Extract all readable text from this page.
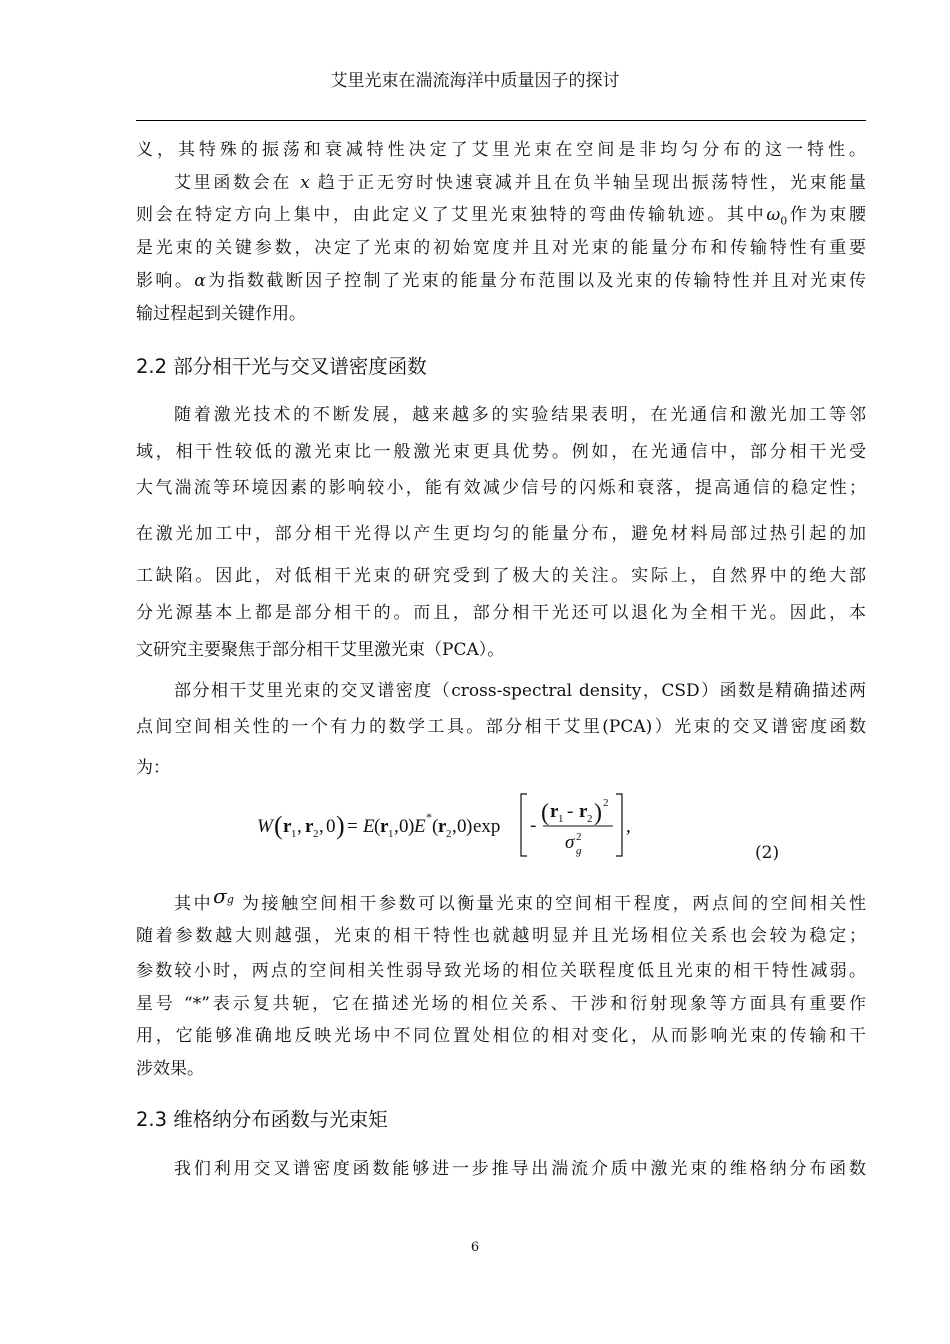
艾里光束在湍流海洋中质量因子的探讨
义，其特殊的振荡和衰减特性决定了艾里光束在空间是非均匀分布的这一特性。
艾里函数会在 x 趋于正无穷时快速衰减并且在负半轴呈现出振荡特性，光束能量
则会在特定方向上集中，由此定义了艾里光束独特的弯曲传输轨迹。其中$\omega_0$作为束腰
是光束的关键参数，决定了光束的初始宽度并且对光束的能量分布和传输特性有重要
影响。α为指数截断因子控制了光束的能量分布范围以及光束的传输特性并且对光束传
输过程起到关键作用。
2.2 部分相干光与交叉谱密度函数
随着激光技术的不断发展，越来越多的实验结果表明，在光通信和激光加工等邻
域，相干性较低的激光束比一般激光束更具优势。例如，在光通信中，部分相干光受
大气湍流等环境因素的影响较小，能有效减少信号的闪烁和衰落，提高通信的稳定性；
在激光加工中，部分相干光得以产生更均匀的能量分布，避免材料局部过热引起的加
工缺陷。因此，对低相干光束的研究受到了极大的关注。实际上，自然界中的绝大部
分光源基本上都是部分相干的。而且，部分相干光还可以退化为全相干光。因此，本
文研究主要聚焦于部分相干艾里激光束（PCA）。
部分相干艾里光束的交叉谱密度（cross-spectral density，CSD）函数是精确描述两
点间空间相关性的一个有力的数学工具。部分相干艾里(PCA)）光束的交叉谱密度函数
为：
W ( r 1 , r 2 , 0 ) = E ( r 1 , 0 ) E * ( r 2 , 0 ) exp - ( r 1 - r 2 ) 2
σ 2
g
,
(2)
其中$\sigma_g$ 为接触空间相干参数可以衡量光束的空间相干程度，两点间的空间相关性
随着参数越大则越强，光束的相干特性也就越明显并且光场相位关系也会较为稳定；
参数较小时，两点的空间相关性弱导致光场的相位关联程度低且光束的相干特性减弱。
星号 “*”表示复共轭，它在描述光场的相位关系、干涉和衍射现象等方面具有重要作
用，它能够准确地反映光场中不同位置处相位的相对变化，从而影响光束的传输和干
涉效果。
2.3 维格纳分布函数与光束矩
我们利用交叉谱密度函数能够进一步推导出湍流介质中激光束的维格纳分布函数
6
